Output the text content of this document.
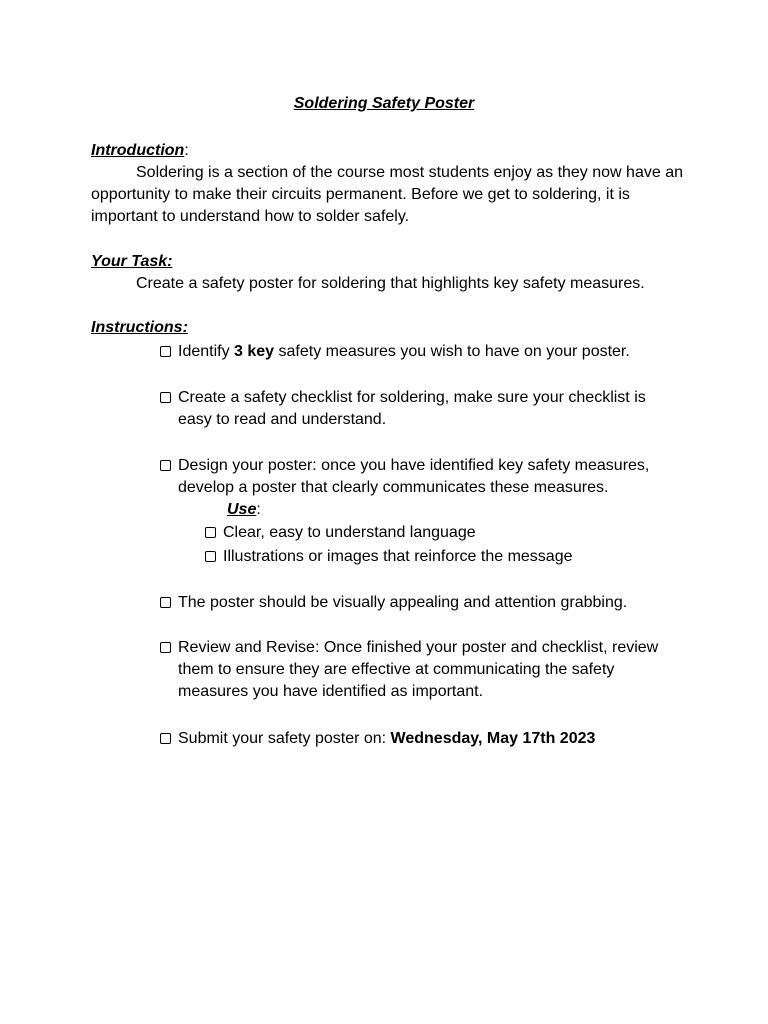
Soldering Safety Poster
Introduction:
Soldering is a section of the course most students enjoy as they now have an opportunity to make their circuits permanent. Before we get to soldering, it is important to understand how to solder safely.
Your Task:
Create a safety poster for soldering that highlights key safety measures.
Instructions:
Identify 3 key safety measures you wish to have on your poster.
Create a safety checklist for soldering, make sure your checklist is easy to read and understand.
Design your poster: once you have identified key safety measures, develop a poster that clearly communicates these measures.
Use:
Clear, easy to understand language
Illustrations or images that reinforce the message
The poster should be visually appealing and attention grabbing.
Review and Revise: Once finished your poster and checklist, review them to ensure they are effective at communicating the safety measures you have identified as important.
Submit your safety poster on: Wednesday, May 17th 2023
